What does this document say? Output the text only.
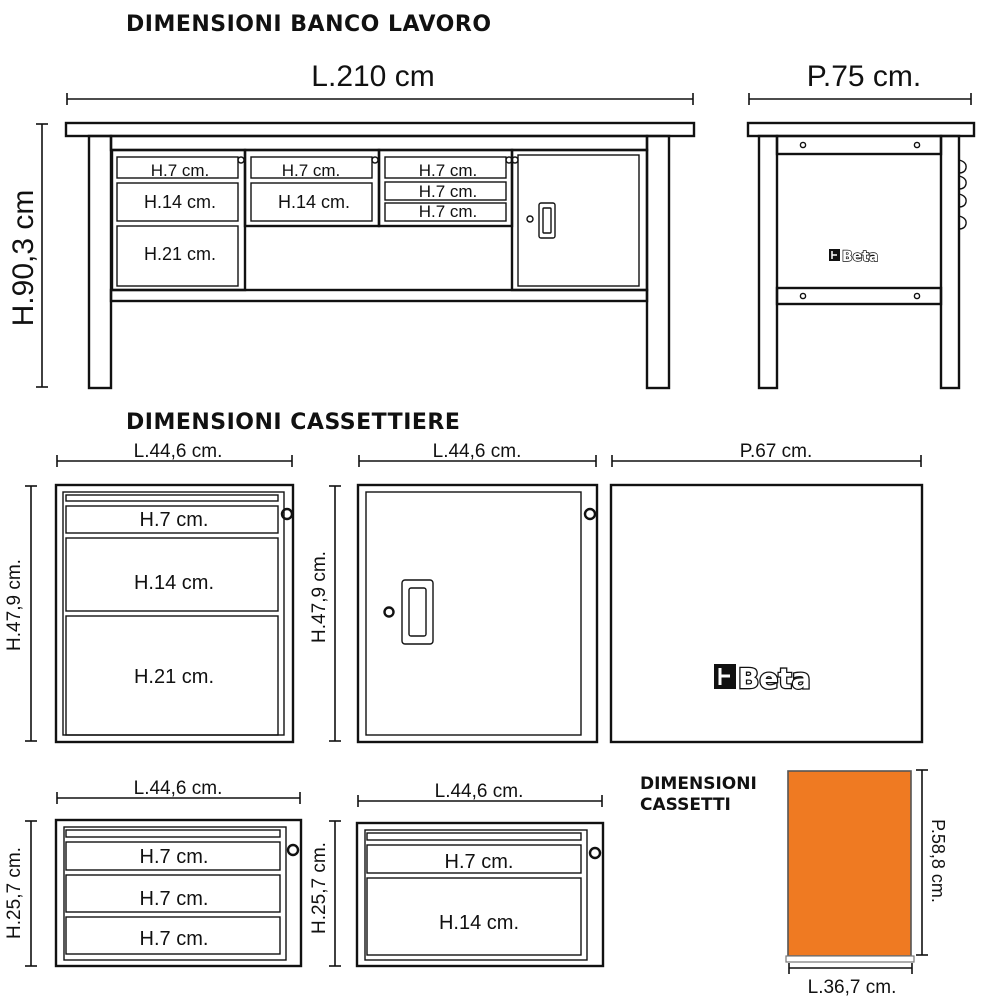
DIMENSIONI BANCO LAVORO
DIMENSIONI CASSETTIERE
DIMENSIONI
CASSETTI
L.210 cm
H.90,3 cm
H.7 cm.
H.14 cm.
H.21 cm.
H.7 cm.
H.14 cm.
H.7 cm.
H.7 cm.
H.7 cm.
P.75 cm.
Beta
L.44,6 cm.
H.47,9 cm.
H.7 cm.
H.14 cm.
H.21 cm.
L.44,6 cm.
H.47,9 cm.
P.67 cm.
Beta
L.44,6 cm.
H.25,7 cm.	H.7 cm.
H.7 cm.
H.7 cm.
L.44,6 cm.
H.25,7 cm.	H.7 cm.
H.14 cm.
P.58,8 cm.
L.36,7 cm.
